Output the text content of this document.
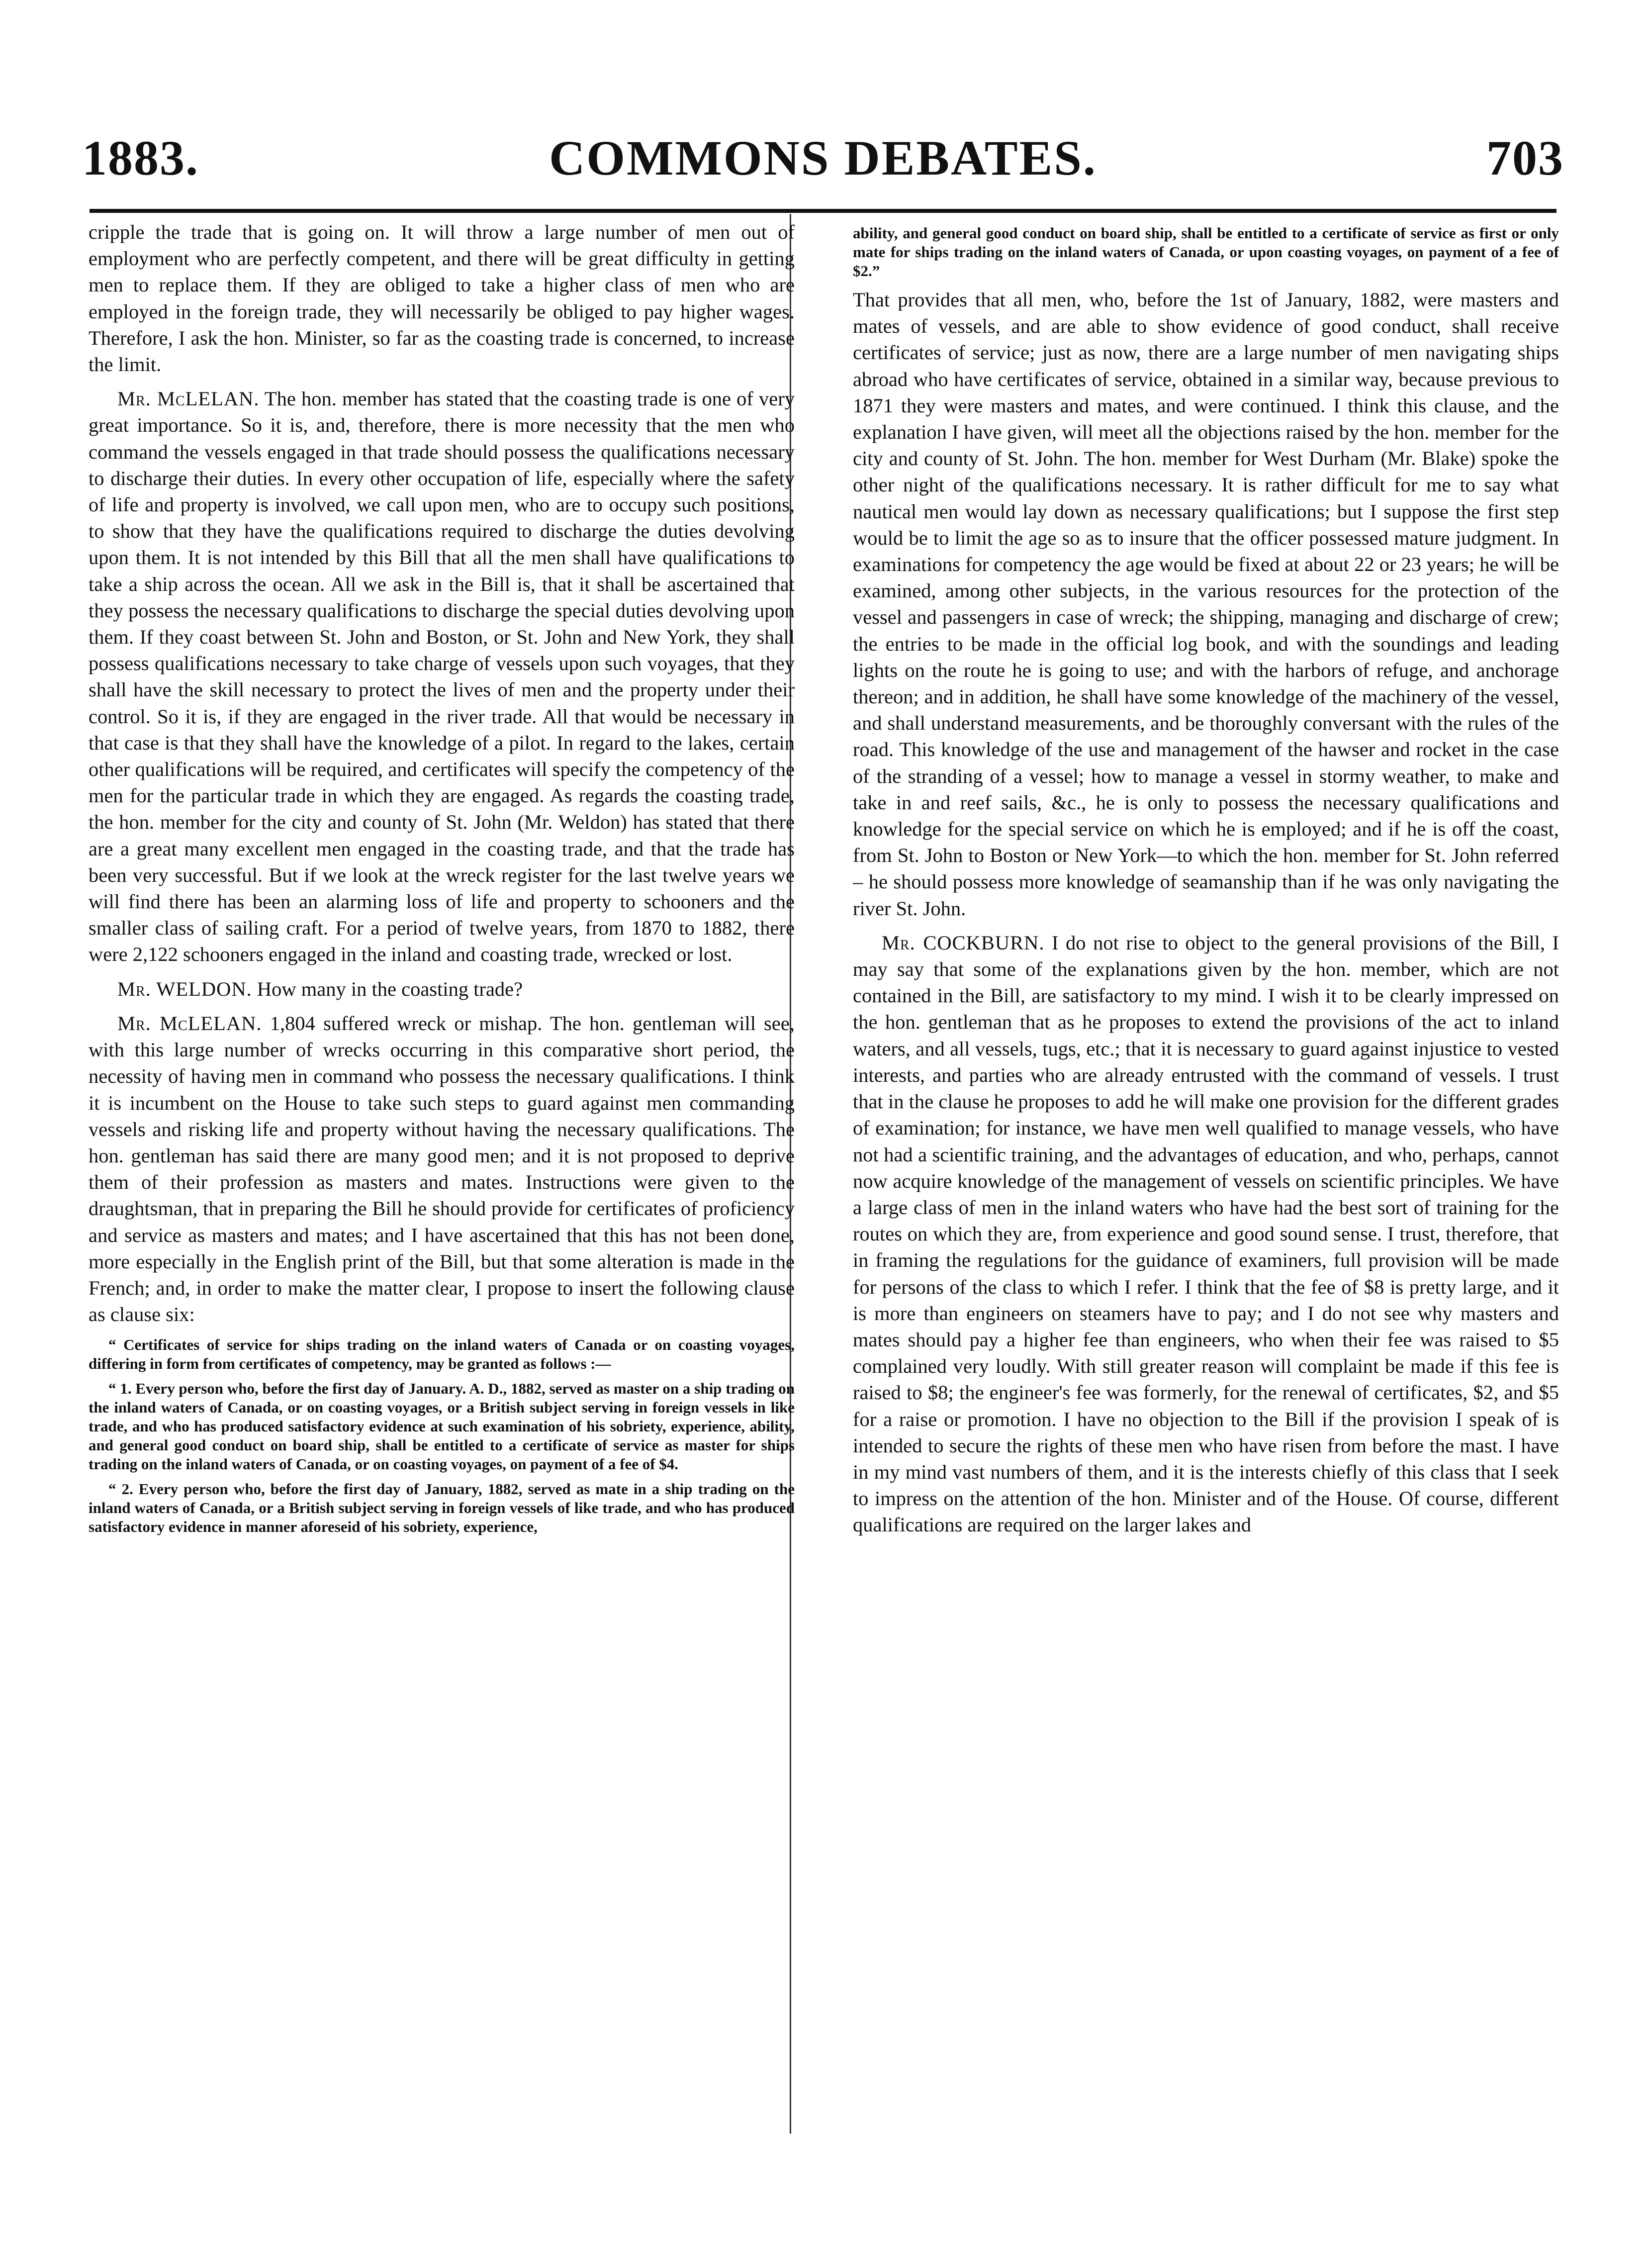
1883.	COMMONS DEBATES.	703

cripple the trade that is going on. It will throw a large number of men out of employment who are perfectly competent, and there will be great difficulty in getting men to replace them. If they are obliged to take a higher class of men who are employed in the foreign trade, they will necessarily be obliged to pay higher wages. Therefore, I ask the hon. Minister, so far as the coasting trade is concerned, to increase the limit.

Mr. McLELAN. The hon. member has stated that the coasting trade is one of very great importance. So it is, and, therefore, there is more necessity that the men who command the vessels engaged in that trade should possess the qualifications necessary to discharge their duties. In every other occupation of life, especially where the safety of life and property is involved, we call upon men, who are to occupy such positions, to show that they have the qualifications required to discharge the duties devolving upon them. It is not intended by this Bill that all the men shall have qualifications to take a ship across the ocean. All we ask in the Bill is, that it shall be ascertained that they possess the necessary qualifications to discharge the special duties devolving upon them. If they coast between St. John and Boston, or St. John and New York, they shall possess qualifications necessary to take charge of vessels upon such voyages, that they shall have the skill necessary to protect the lives of men and the property under their control. So it is, if they are engaged in the river trade. All that would be necessary in that case is that they shall have the knowledge of a pilot. In regard to the lakes, certain other qualifications will be required, and certificates will specify the competency of the men for the particular trade in which they are engaged. As regards the coasting trade, the hon. member for the city and county of St. John (Mr. Weldon) has stated that there are a great many excellent men engaged in the coasting trade, and that the trade has been very successful. But if we look at the wreck register for the last twelve years we will find there has been an alarming loss of life and property to schooners and the smaller class of sailing craft. For a period of twelve years, from 1870 to 1882, there were 2,122 schooners engaged in the inland and coasting trade, wrecked or lost.

Mr. WELDON. How many in the coasting trade?

Mr. McLELAN. 1,804 suffered wreck or mishap. The hon. gentleman will see, with this large number of wrecks occurring in this comparative short period, the necessity of having men in command who possess the necessary qualifications. I think it is incumbent on the House to take such steps to guard against men commanding vessels and risking life and property without having the necessary qualifications. The hon. gentleman has said there are many good men; and it is not proposed to deprive them of their profession as masters and mates. Instructions were given to the draughtsman, that in preparing the Bill he should provide for certificates of proficiency and service as masters and mates; and I have ascertained that this has not been done, more especially in the English print of the Bill, but that some alteration is made in the French; and, in order to make the matter clear, I propose to insert the following clause as clause six:

“ Certificates of service for ships trading on the inland waters of Canada or on coasting voyages, differing in form from certificates of competency, may be granted as follows :—

“ 1. Every person who, before the first day of January. A. D., 1882, served as master on a ship trading on the inland waters of Canada, or on coasting voyages, or a British subject serving in foreign vessels in like trade, and who has produced satisfactory evidence at such examination of his sobriety, experience, ability, and general good conduct on board ship, shall be entitled to a certificate of service as master for ships trading on the inland waters of Canada, or on coasting voyages, on payment of a fee of $4.

“ 2. Every person who, before the first day of January, 1882, served as mate in a ship trading on the inland waters of Canada, or a British subject serving in foreign vessels of like trade, and who has produced satisfactory evidence in manner aforeseid of his sobriety, experience,

ability, and general good conduct on board ship, shall be entitled to a certificate of service as first or only mate for ships trading on the inland waters of Canada, or upon coasting voyages, on payment of a fee of $2.”

That provides that all men, who, before the 1st of January, 1882, were masters and mates of vessels, and are able to show evidence of good conduct, shall receive certificates of service; just as now, there are a large number of men navigating ships abroad who have certificates of service, obtained in a similar way, because previous to 1871 they were masters and mates, and were continued. I think this clause, and the explanation I have given, will meet all the objections raised by the hon. member for the city and county of St. John. The hon. member for West Durham (Mr. Blake) spoke the other night of the qualifications necessary. It is rather difficult for me to say what nautical men would lay down as necessary qualifications; but I suppose the first step would be to limit the age so as to insure that the officer possessed mature judgment. In examinations for competency the age would be fixed at about 22 or 23 years; he will be examined, among other subjects, in the various resources for the protection of the vessel and passengers in case of wreck; the shipping, managing and discharge of crew; the entries to be made in the official log book, and with the soundings and leading lights on the route he is going to use; and with the harbors of refuge, and anchorage thereon; and in addition, he shall have some knowledge of the machinery of the vessel, and shall understand measurements, and be thoroughly conversant with the rules of the road. This knowledge of the use and management of the hawser and rocket in the case of the stranding of a vessel; how to manage a vessel in stormy weather, to make and take in and reef sails, &c., he is only to possess the necessary qualifications and knowledge for the special service on which he is employed; and if he is off the coast, from St. John to Boston or New York—to which the hon. member for St. John referred – he should possess more knowledge of seamanship than if he was only navigating the river St. John.

Mr. COCKBURN. I do not rise to object to the general provisions of the Bill, I may say that some of the explanations given by the hon. member, which are not contained in the Bill, are satisfactory to my mind. I wish it to be clearly impressed on the hon. gentleman that as he proposes to extend the provisions of the act to inland waters, and all vessels, tugs, etc.; that it is necessary to guard against injustice to vested interests, and parties who are already entrusted with the command of vessels. I trust that in the clause he proposes to add he will make one provision for the different grades of examination; for instance, we have men well qualified to manage vessels, who have not had a scientific training, and the advantages of education, and who, perhaps, cannot now acquire knowledge of the management of vessels on scientific principles. We have a large class of men in the inland waters who have had the best sort of training for the routes on which they are, from experience and good sound sense. I trust, therefore, that in framing the regulations for the guidance of examiners, full provision will be made for persons of the class to which I refer. I think that the fee of $8 is pretty large, and it is more than engineers on steamers have to pay; and I do not see why masters and mates should pay a higher fee than engineers, who when their fee was raised to $5 complained very loudly. With still greater reason will complaint be made if this fee is raised to $8; the engineer's fee was formerly, for the renewal of certificates, $2, and $5 for a raise or promotion. I have no objection to the Bill if the provision I speak of is intended to secure the rights of these men who have risen from before the mast. I have in my mind vast numbers of them, and it is the interests chiefly of this class that I seek to impress on the attention of the hon. Minister and of the House. Of course, different qualifications are required on the larger lakes and
